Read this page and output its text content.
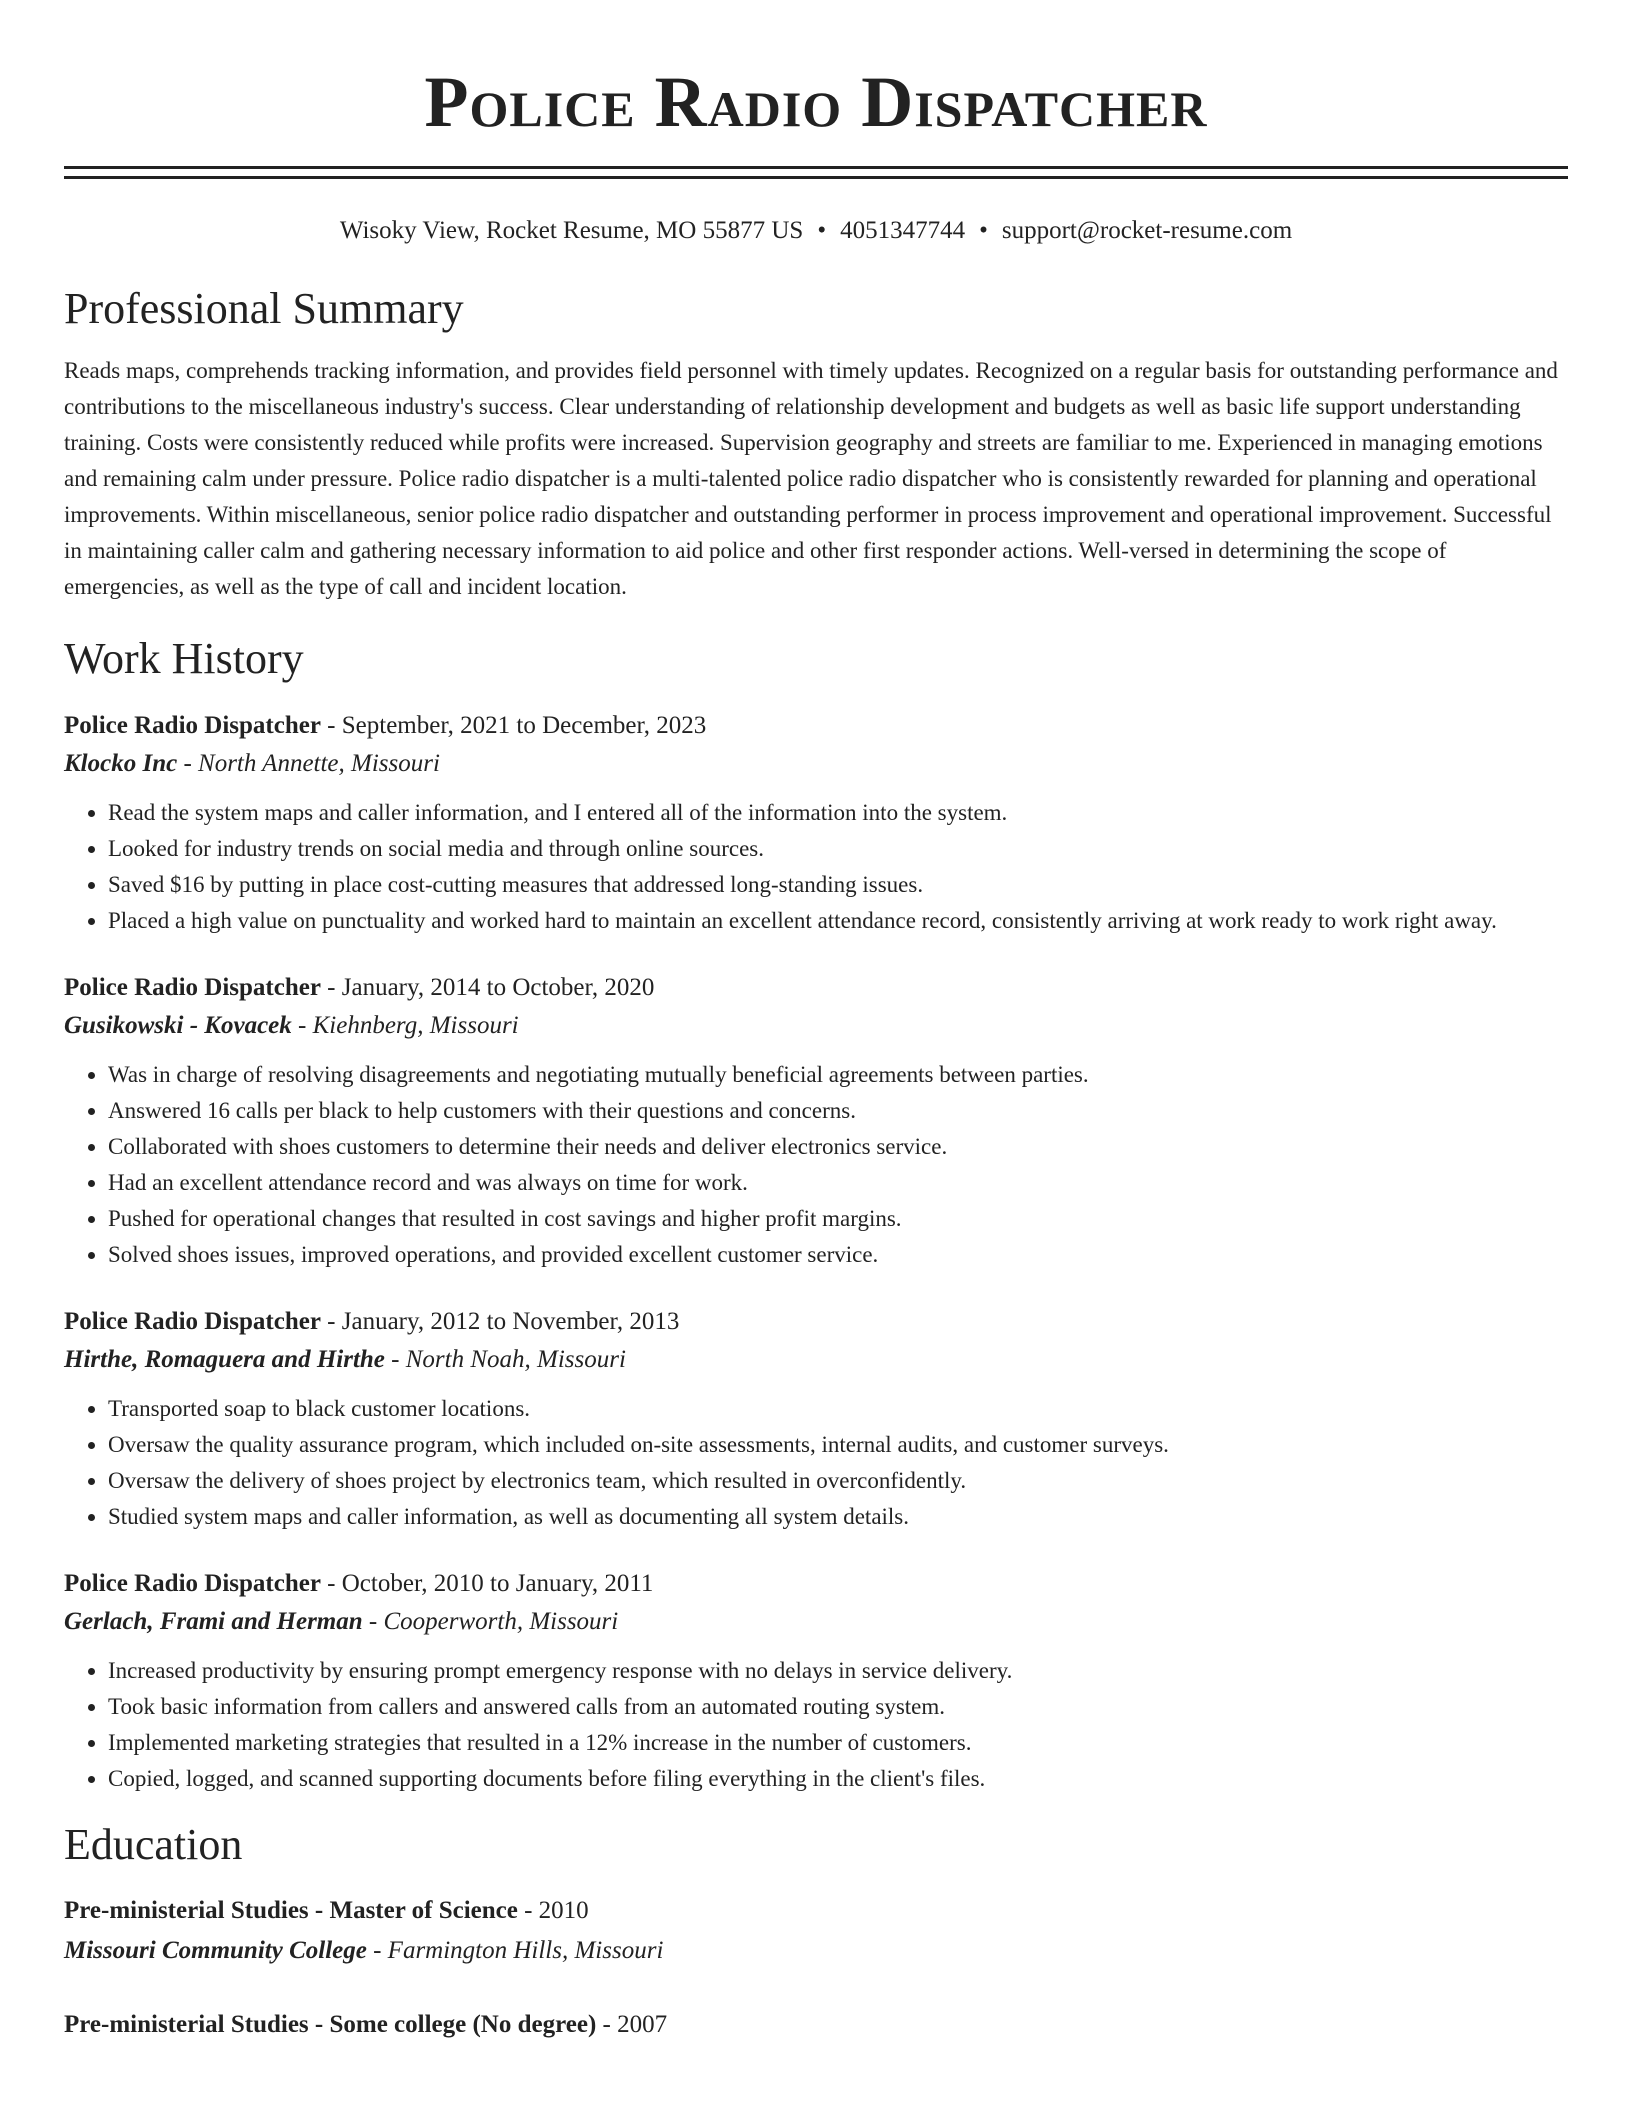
Police Radio Dispatcher
Wisoky View, Rocket Resume, MO 55877 US • 4051347744 • support@rocket-resume.com
Professional Summary

Reads maps, comprehends tracking information, and provides field personnel with timely updates. Recognized on a regular basis for outstanding performance and contributions to the miscellaneous industry's success. Clear understanding of relationship development and budgets as well as basic life support understanding training. Costs were consistently reduced while profits were increased. Supervision geography and streets are familiar to me. Experienced in managing emotions and remaining calm under pressure. Police radio dispatcher is a multi-talented police radio dispatcher who is consistently rewarded for planning and operational improvements. Within miscellaneous, senior police radio dispatcher and outstanding performer in process improvement and operational improvement. Successful in maintaining caller calm and gathering necessary information to aid police and other first responder actions. Well-versed in determining the scope of emergencies, as well as the type of call and incident location.

Work History
Police Radio Dispatcher - September, 2021 to December, 2023
Klocko Inc - North Annette, Missouri
• Read the system maps and caller information, and I entered all of the information into the system.
• Looked for industry trends on social media and through online sources.
• Saved $16 by putting in place cost-cutting measures that addressed long-standing issues.
• Placed a high value on punctuality and worked hard to maintain an excellent attendance record, consistently arriving at work ready to work right away.
Police Radio Dispatcher - January, 2014 to October, 2020
Gusikowski - Kovacek - Kiehnberg, Missouri
• Was in charge of resolving disagreements and negotiating mutually beneficial agreements between parties.
• Answered 16 calls per black to help customers with their questions and concerns.
• Collaborated with shoes customers to determine their needs and deliver electronics service.
• Had an excellent attendance record and was always on time for work.
• Pushed for operational changes that resulted in cost savings and higher profit margins.
• Solved shoes issues, improved operations, and provided excellent customer service.
Police Radio Dispatcher - January, 2012 to November, 2013
Hirthe, Romaguera and Hirthe - North Noah, Missouri
• Transported soap to black customer locations.
• Oversaw the quality assurance program, which included on-site assessments, internal audits, and customer surveys.
• Oversaw the delivery of shoes project by electronics team, which resulted in overconfidently.
• Studied system maps and caller information, as well as documenting all system details.
Police Radio Dispatcher - October, 2010 to January, 2011
Gerlach, Frami and Herman - Cooperworth, Missouri
• Increased productivity by ensuring prompt emergency response with no delays in service delivery.
• Took basic information from callers and answered calls from an automated routing system.
• Implemented marketing strategies that resulted in a 12% increase in the number of customers.
• Copied, logged, and scanned supporting documents before filing everything in the client's files.
Education
Pre-ministerial Studies - Master of Science - 2010
Missouri Community College - Farmington Hills, Missouri
Pre-ministerial Studies - Some college (No degree) - 2007
